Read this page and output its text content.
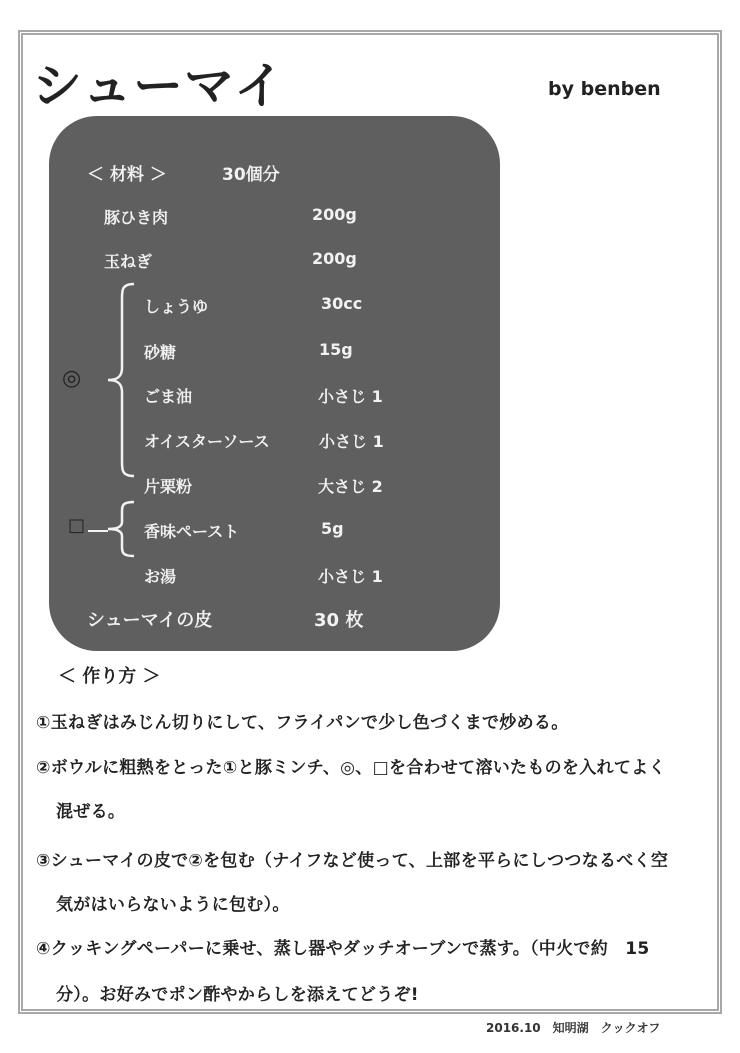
シューマイ	by benben
＜ 材料 ＞	30個分
豚ひき肉	200g
玉ねぎ	200g
しょうゆ	30cc
砂糖	15g
ごま油	小さじ 1
オイスターソース	小さじ 1
片栗粉	大さじ 2
香味ペースト	5g
お湯	小さじ 1
シューマイの皮	30 枚
◎
□
＜ 作り方 ＞
①玉ねぎはみじん切りにして、フライパンで少し色づくまで炒める。
②ボウルに粗熱をとった①と豚ミンチ、◎、□を合わせて溶いたものを入れてよく
混ぜる。
③シューマイの皮で②を包む（ナイフなど使って、上部を平らにしつつなるべく空
気がはいらないように包む）。
④クッキングペーパーに乗せ、蒸し器やダッチオーブンで蒸す。（中火で約　15
分）。お好みでポン酢やからしを添えてどうぞ!
2016.10　知明湖　クックオフ
